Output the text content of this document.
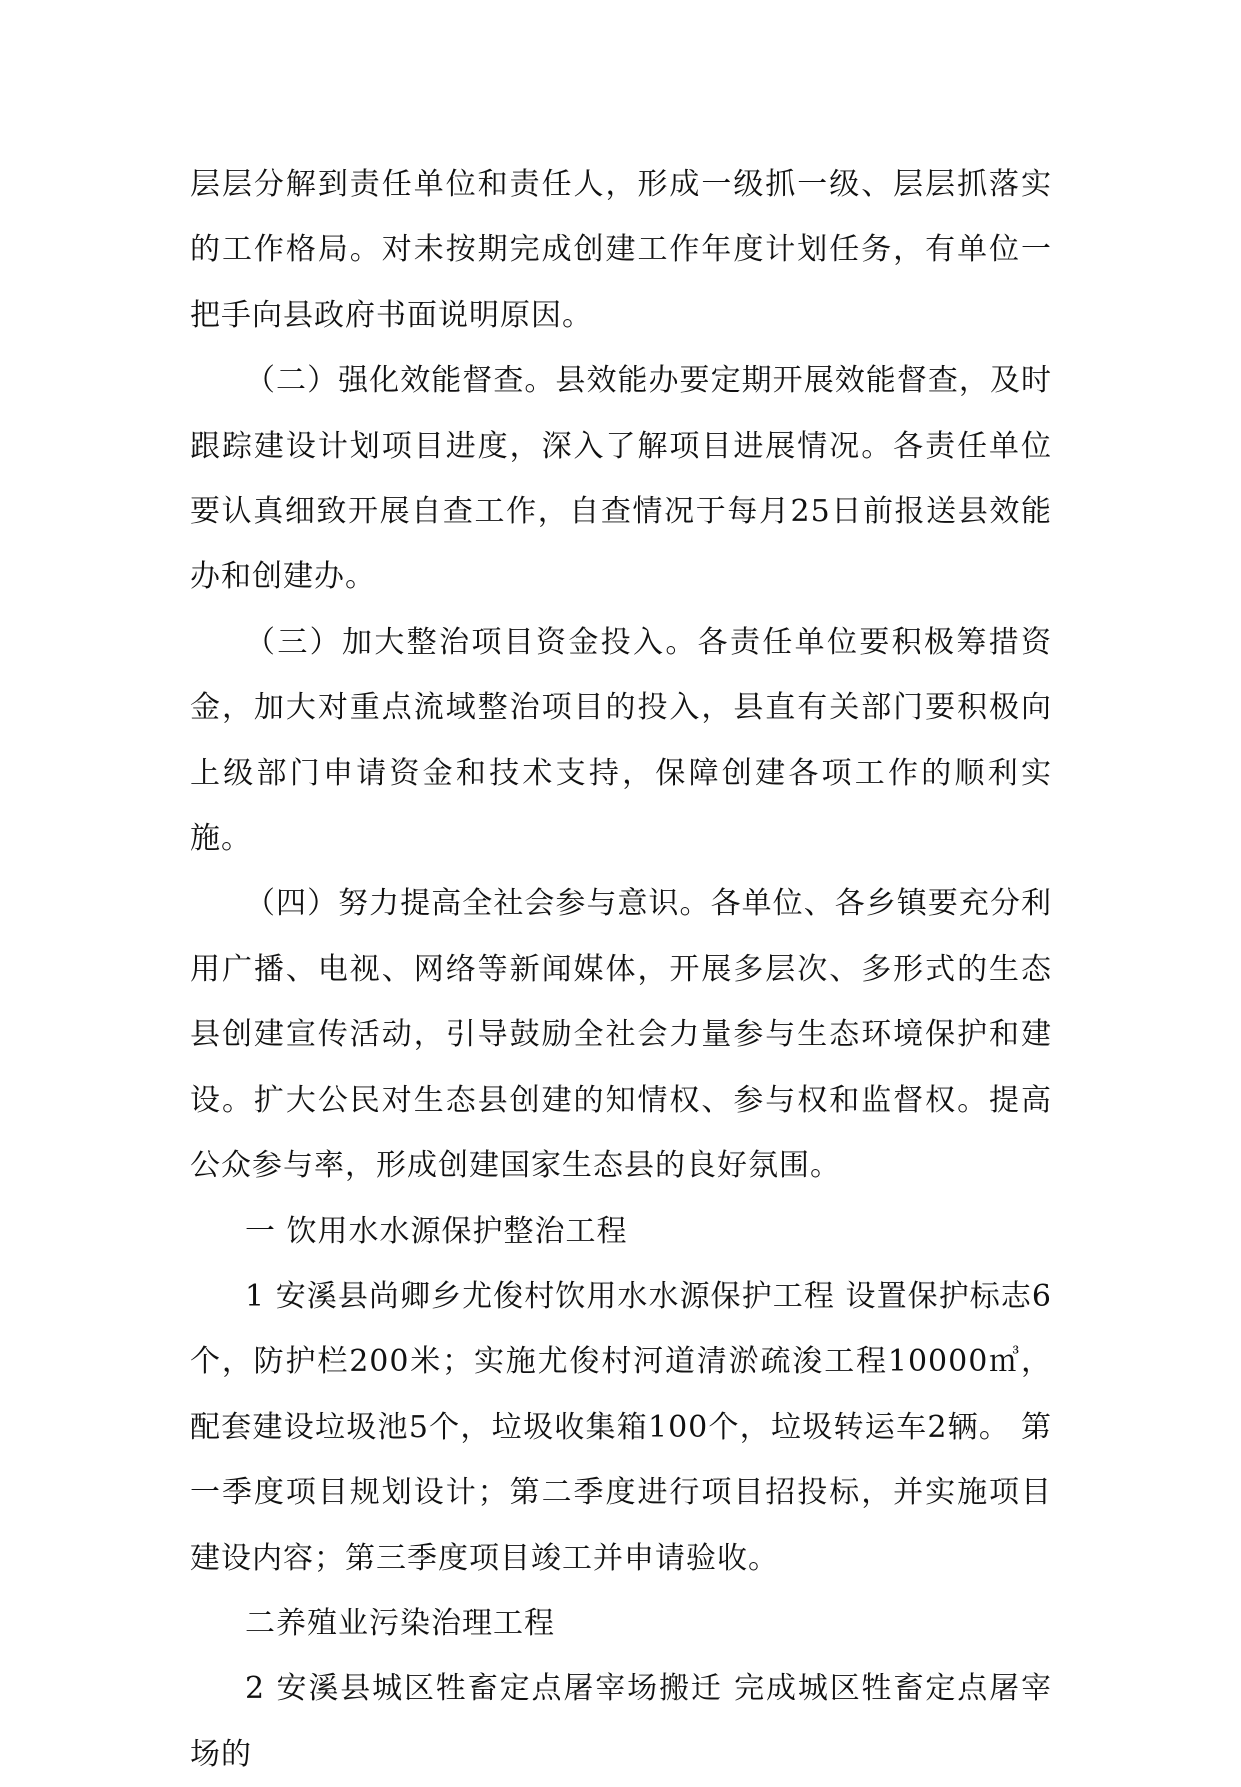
层层分解到责任单位和责任人，形成一级抓一级、层层抓落实的工作格局。对未按期完成创建工作年度计划任务，有单位一把手向县政府书面说明原因。

（二）强化效能督查。县效能办要定期开展效能督查，及时跟踪建设计划项目进度，深入了解项目进展情况。各责任单位要认真细致开展自查工作，自查情况于每月25日前报送县效能办和创建办。

（三）加大整治项目资金投入。各责任单位要积极筹措资金，加大对重点流域整治项目的投入，县直有关部门要积极向上级部门申请资金和技术支持，保障创建各项工作的顺利实施。

（四）努力提高全社会参与意识。各单位、各乡镇要充分利用广播、电视、网络等新闻媒体，开展多层次、多形式的生态县创建宣传活动，引导鼓励全社会力量参与生态环境保护和建设。扩大公民对生态县创建的知情权、参与权和监督权。提高公众参与率，形成创建国家生态县的良好氛围。

一 饮用水水源保护整治工程

1 安溪县尚卿乡尤俊村饮用水水源保护工程 设置保护标志6个，防护栏200米；实施尤俊村河道清淤疏浚工程10000㎥，配套建设垃圾池5个，垃圾收集箱100个，垃圾转运车2辆。 第一季度项目规划设计；第二季度进行项目招投标，并实施项目建设内容；第三季度项目竣工并申请验收。

二养殖业污染治理工程

2 安溪县城区牲畜定点屠宰场搬迁 完成城区牲畜定点屠宰场的
